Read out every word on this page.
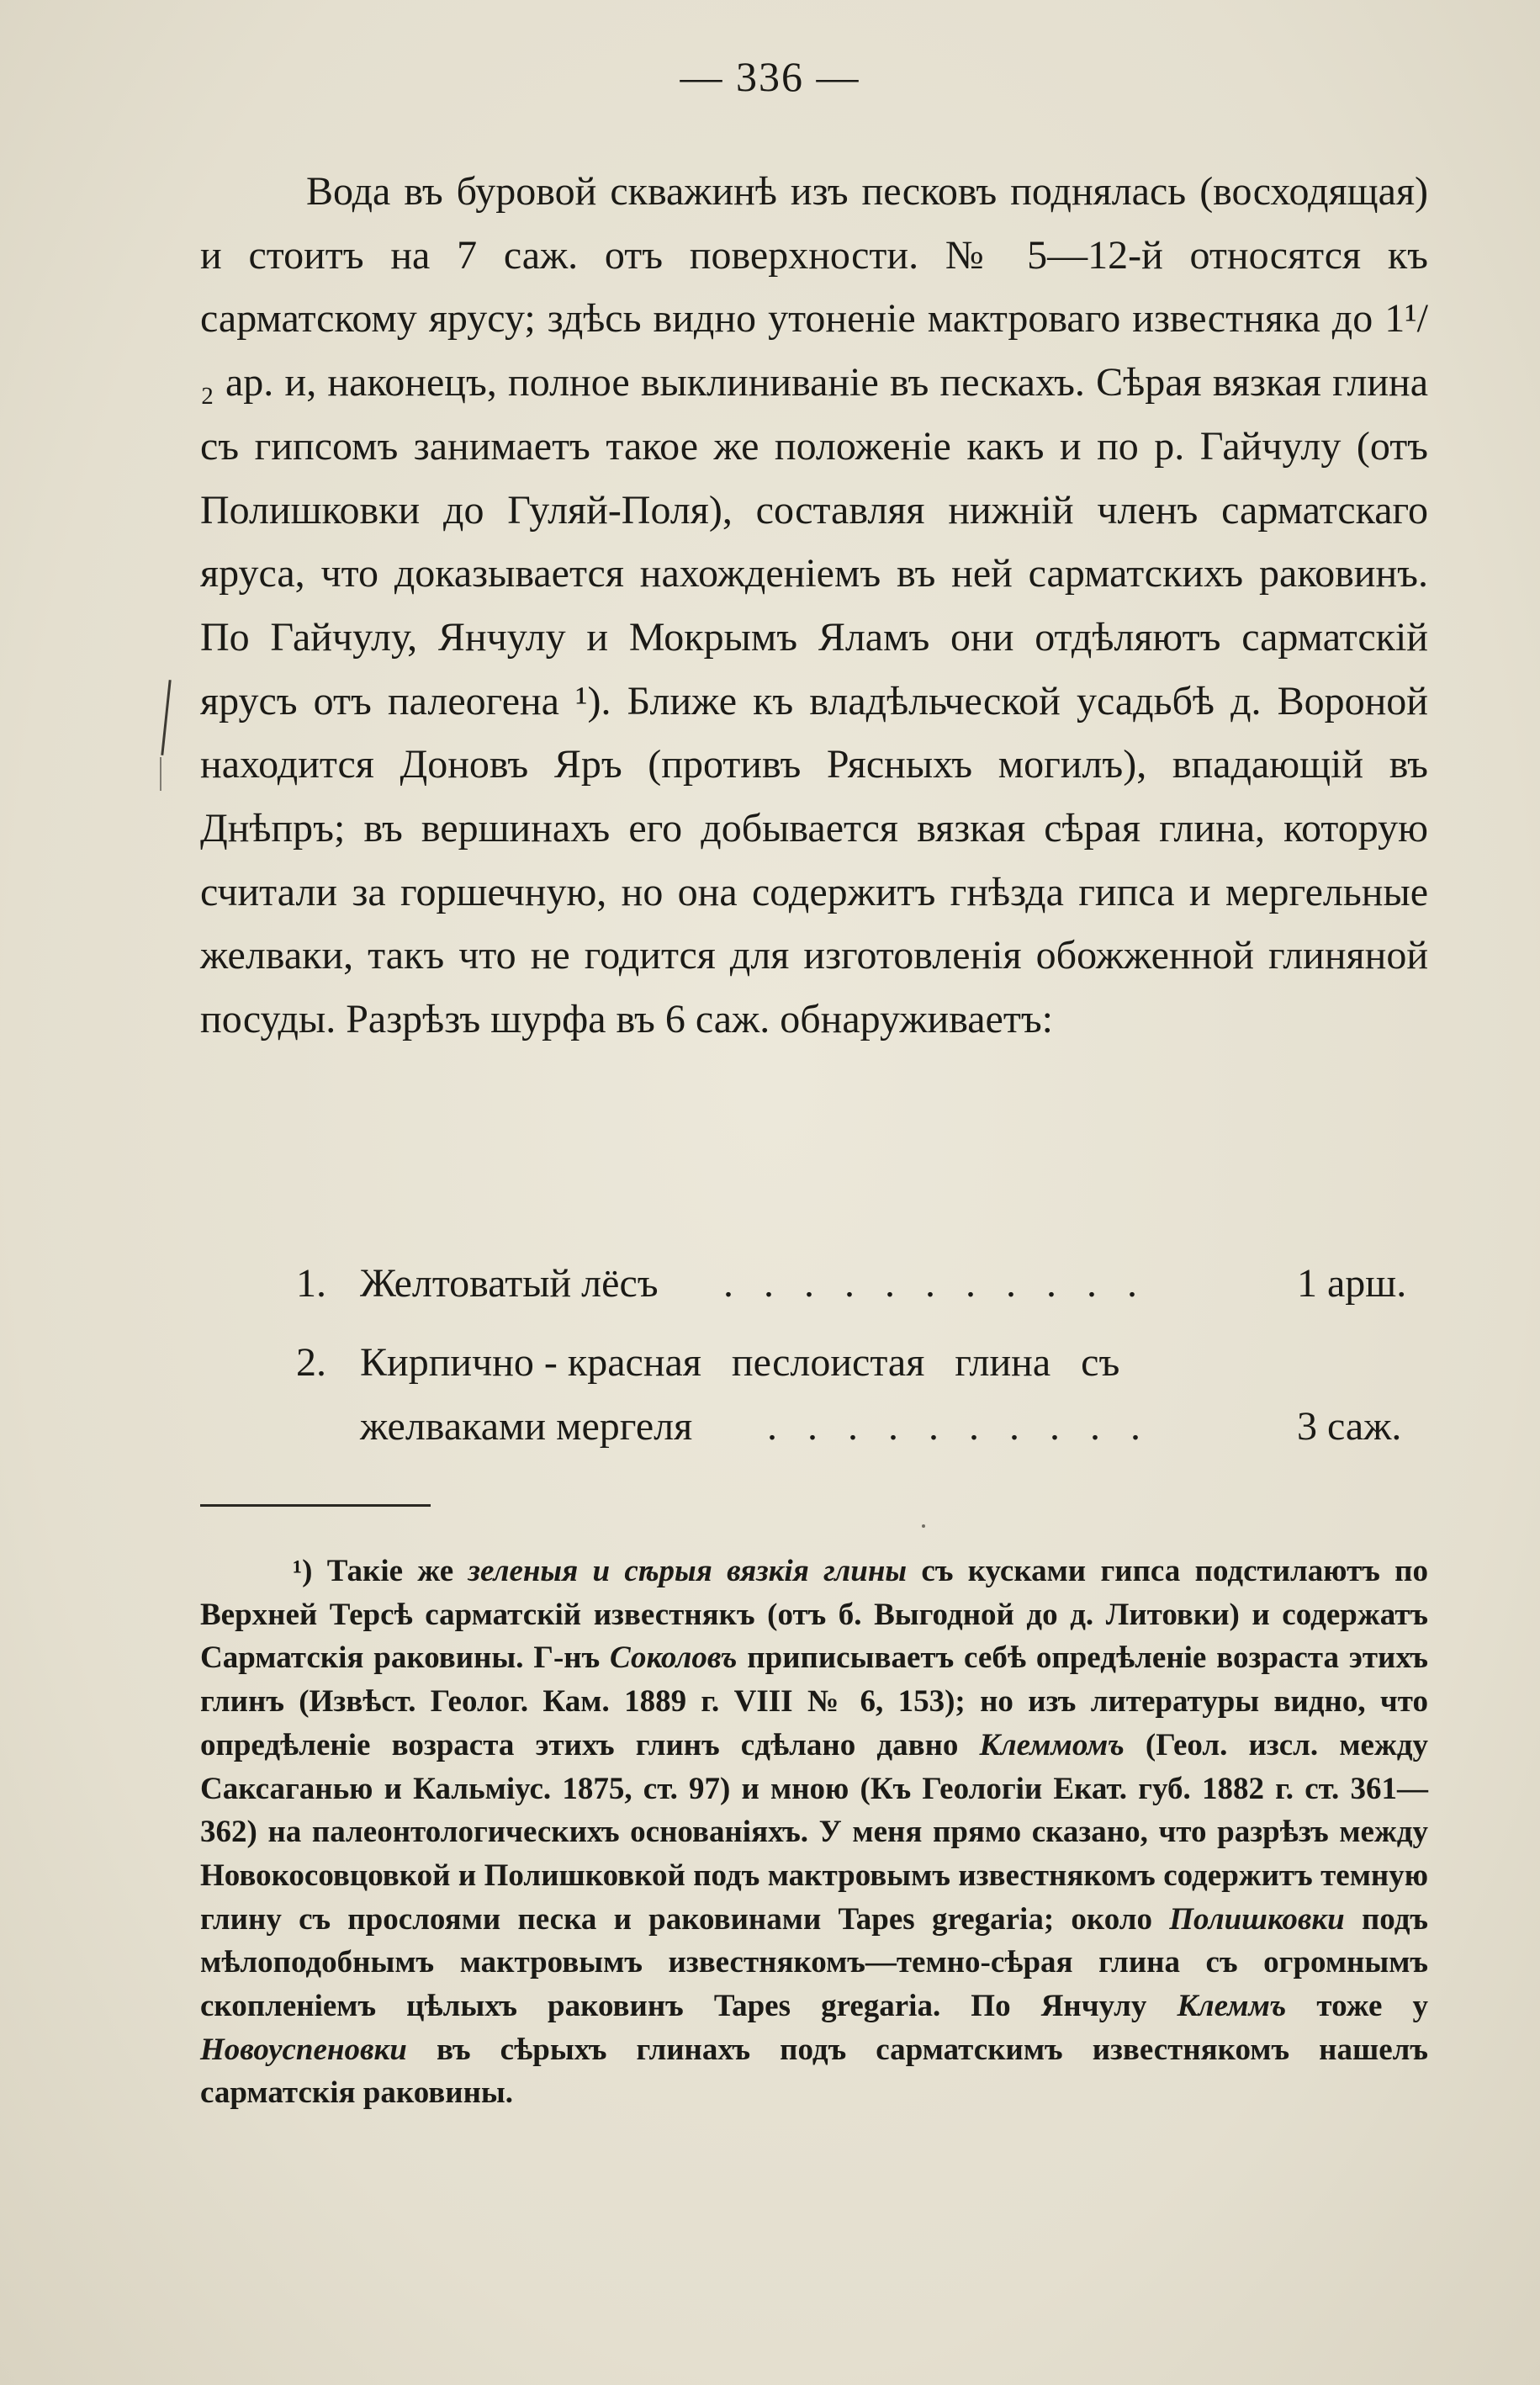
— 336 —

Вода въ буровой скважинѣ изъ песковъ поднялась (восходящая) и стоитъ на 7 саж. отъ поверхности. № 5—12-й относятся къ сарматскому ярусу; здѣсь видно утоненіе мактроваго известняка до 1¹/₂ ар. и, наконецъ, полное выклиниваніе въ пескахъ. Сѣрая вязкая глина съ гипсомъ занимаетъ такое же положеніе какъ и по р. Гайчулу (отъ Полишковки до Гуляй-Поля), составляя нижній членъ сарматскаго яруса, что доказывается нахожденіемъ въ ней сарматскихъ раковинъ. По Гайчулу, Янчулу и Мокрымъ Яламъ они отдѣляютъ сарматскій ярусъ отъ палеогена ¹). Ближе къ владѣльческой усадьбѣ д. Вороной находится Доновъ Яръ (противъ Рясныхъ могилъ), впадающій въ Днѣпръ; въ вершинахъ его добывается вязкая сѣрая глина, которую считали за горшечную, но она содержитъ гнѣзда гипса и мергельные желваки, такъ что не годится для изготовленія обожженной глиняной посуды. Разрѣзъ шурфа въ 6 саж. обнаруживаетъ:

1. Желтоватый лёсъ . . . . . . . . . . .	1 арш.
2. Кирпично - красная   песлоистая   глина   съ
желваками мергеля . . . . . . . . . .	3 саж.

¹) Такіе же зеленыя и сѣрыя вязкія глины съ кусками гипса подстилаютъ по Верхней Терсѣ сарматскій известнякъ (отъ б. Выгодной до д. Литовки) и содержатъ Сарматскія раковины. Г-нъ Соколовъ приписываетъ себѣ опредѣленіе возраста этихъ глинъ (Извѣст. Геолог. Кам. 1889 г. VIII № 6, 153); но изъ литературы видно, что опредѣленіе возраста этихъ глинъ сдѣлано давно Клеммомъ (Геол. изсл. между Саксаганью и Кальміус. 1875, ст. 97) и мною (Къ Геологіи Екат. губ. 1882 г. ст. 361—362) на палеонтологическихъ основаніяхъ. У меня прямо сказано, что разрѣзъ между Новокосовцовкой и Полишковкой подъ мактровымъ известнякомъ содержитъ темную глину съ прослоями песка и раковинами Tapes gregaria; около Полишковки подъ мѣлоподобнымъ мактровымъ известнякомъ—темно-сѣрая глина съ огромнымъ скопленіемъ цѣлыхъ раковинъ Tapes gregaria. По Янчулу Клеммъ тоже у Новоуспеновки въ сѣрыхъ глинахъ подъ сарматскимъ известнякомъ нашелъ сарматскія раковины.
